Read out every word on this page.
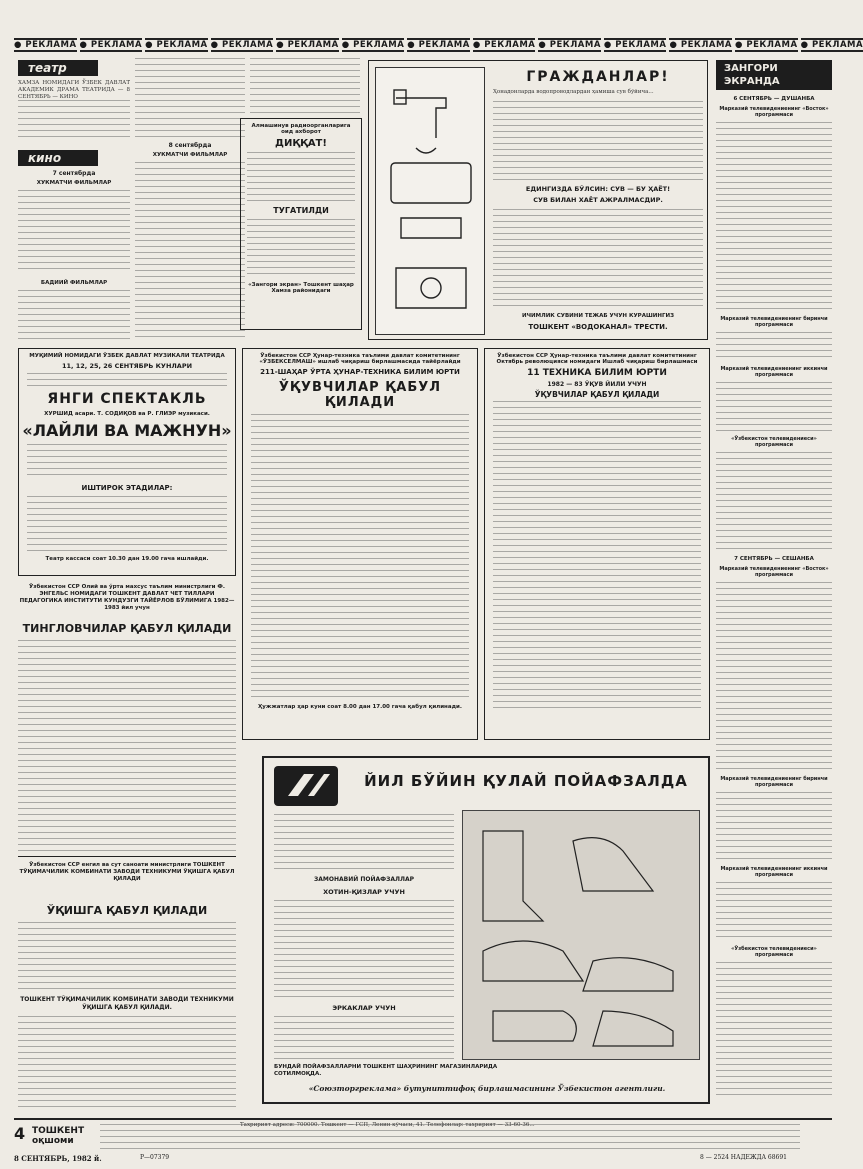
● РЕКЛАМА ● РЕКЛАМА ● РЕКЛАМА ● РЕКЛАМА ● РЕКЛАМА ● РЕКЛАМА ● РЕКЛАМА ● РЕКЛАМА ● РЕКЛАМА ● РЕКЛАМА ● РЕКЛАМА ● РЕКЛАМА ● РЕКЛАМА
театр
ХАМЗА НОМИДАГИ ЎЗБЕК ДАВЛАТ АКАДЕМИК ДРАМА ТЕАТРИДА — 8 СЕНТЯБРЬ — КИНО
кино
7 сентябрда
ХУКМАТЧИ ФИЛЬМЛАР
БАДИИЙ ФИЛЬМЛАР
8 сентябрда
ХУКМАТЧИ ФИЛЬМЛАР
Алмашинув радиоорганларига оид ахборот
ДИҚҚАТ!
ТУГАТИЛДИ
«Зангори экран» Тошкент шаҳар Хамза районидаги
ГРАЖДАНЛАР!
Ҳонадонларда водопроводлардан ҳамиша сув бўйича...
ЕДИНГИЗДА БЎЛСИН: СУВ — БУ ҲАЁТ!
СУВ БИЛАН ХАЁТ АЖРАЛМАСДИР.
ИЧИМЛИК СУВИНИ ТЕЖАБ УЧУН КУРАШИНГИЗ
ТОШКЕНТ «ВОДОКАНАЛ» ТРЕСТИ.
ЗАНГОРИ ЭКРАНДА
6 СЕНТЯБРЬ — ДУШАНБА
Марказий телевидениенинг «Восток» программаси
Марказий телевидениенинг биринчи программаси
Марказий телевидениенинг иккинчи программаси
«Ўзбекистон телевидениеси» программаси
7 СЕНТЯБРЬ — СЕШАНБА
Марказий телевидениенинг «Восток» программаси
Марказий телевидениенинг биринчи программаси
Марказий телевидениенинг иккинчи программаси
«Ўзбекистон телевидениеси» программаси
МУҚИМИЙ НОМИДАГИ ЎЗБЕК ДАВЛАТ МУЗИКАЛИ ТЕАТРИДА
11, 12, 25, 26 СЕНТЯБРЬ КУНЛАРИ
ЯНГИ СПЕКТАКЛЬ
ХУРШИД асари. Т. СОДИҚОВ ва Р. ГЛИЭР музикаси.
«ЛАЙЛИ ВА МАЖНУН»
ИШТИРОК ЭТАДИЛАР:
Театр кассаси соат 10.30 дан 19.00 гача ишлайди.
Ўзбекистон ССР Олий ва ўрта махсус таълим министрлиги Ф. ЭНГЕЛЬС НОМИДАГИ ТОШКЕНТ ДАВЛАТ ЧЕТ ТИЛЛАРИ ПЕДАГОГИКА ИНСТИТУТИ КУНДУЗГИ ТАЙЁРЛОВ БЎЛИМИГА 1982—1983 йил учун
ТИНГЛОВЧИЛАР ҚАБУЛ ҚИЛАДИ
Ўзбекистон ССР енгил ва сут саноати министрлиги ТОШКЕНТ ТЎҚИМАЧИЛИК КОМБИНАТИ ЗАВОДИ ТЕХНИКУМИ ЎҚИШГА ҚАБУЛ ҚИЛАДИ
ЎҚИШГА ҚАБУЛ ҚИЛАДИ
ТОШКЕНТ ТЎҚИМАЧИЛИК КОМБИНАТИ ЗАВОДИ ТЕХНИКУМИ ЎҚИШГА ҚАБУЛ ҚИЛАДИ.
Ўзбекистон ССР Ҳунар-техника таълими давлат комитетининг «ЎЗБЕКСЕЛМАШ» ишлаб чиқариш бирлашмасида тайёрлайди
211-ШАҲАР ЎРТА ҲУНАР-ТЕХНИКА БИЛИМ ЮРТИ
ЎҚУВЧИЛАР ҚАБУЛ ҚИЛАДИ
Ҳужжатлар ҳар куни соат 8.00 дан 17.00 гача қабул қилинади.
Ўзбекистон ССР Ҳунар-техника таълими давлат комитетининг Октябрь революцияси номидаги Ишлаб чиқариш бирлашмаси
11 ТЕХНИКА БИЛИМ ЮРТИ
1982 — 83 ЎҚУВ ЙИЛИ УЧУН
ЎҚУВЧИЛАР ҚАБУЛ ҚИЛАДИ
ЙИЛ БЎЙИН ҚУЛАЙ ПОЙАФЗАЛДА
ЗАМОНАВИЙ ПОЙАФЗАЛЛАР
ХОТИН-ҚИЗЛАР УЧУН
ЭРКАКЛАР УЧУН
БУНДАЙ ПОЙАФЗАЛЛАРНИ ТОШКЕНТ ШАҲРИНИНГ МАГАЗИНЛАРИДА СОТИЛМОҚДА.
«Союзторгреклама» бутуниттифоқ бирлашмасининг Ўзбекистон агентлиги.
4 ТОШКЕНТ оқшоми
Тахририят адреси: 700000. Тошкент — ГСП, Ленин кўчаси, 41. Телефонлар: тахририят — 33-60-36...
8 СЕНТЯБРЬ, 1982 й.	Р—07379	8 — 2524 НАДЕЖДА 68691
